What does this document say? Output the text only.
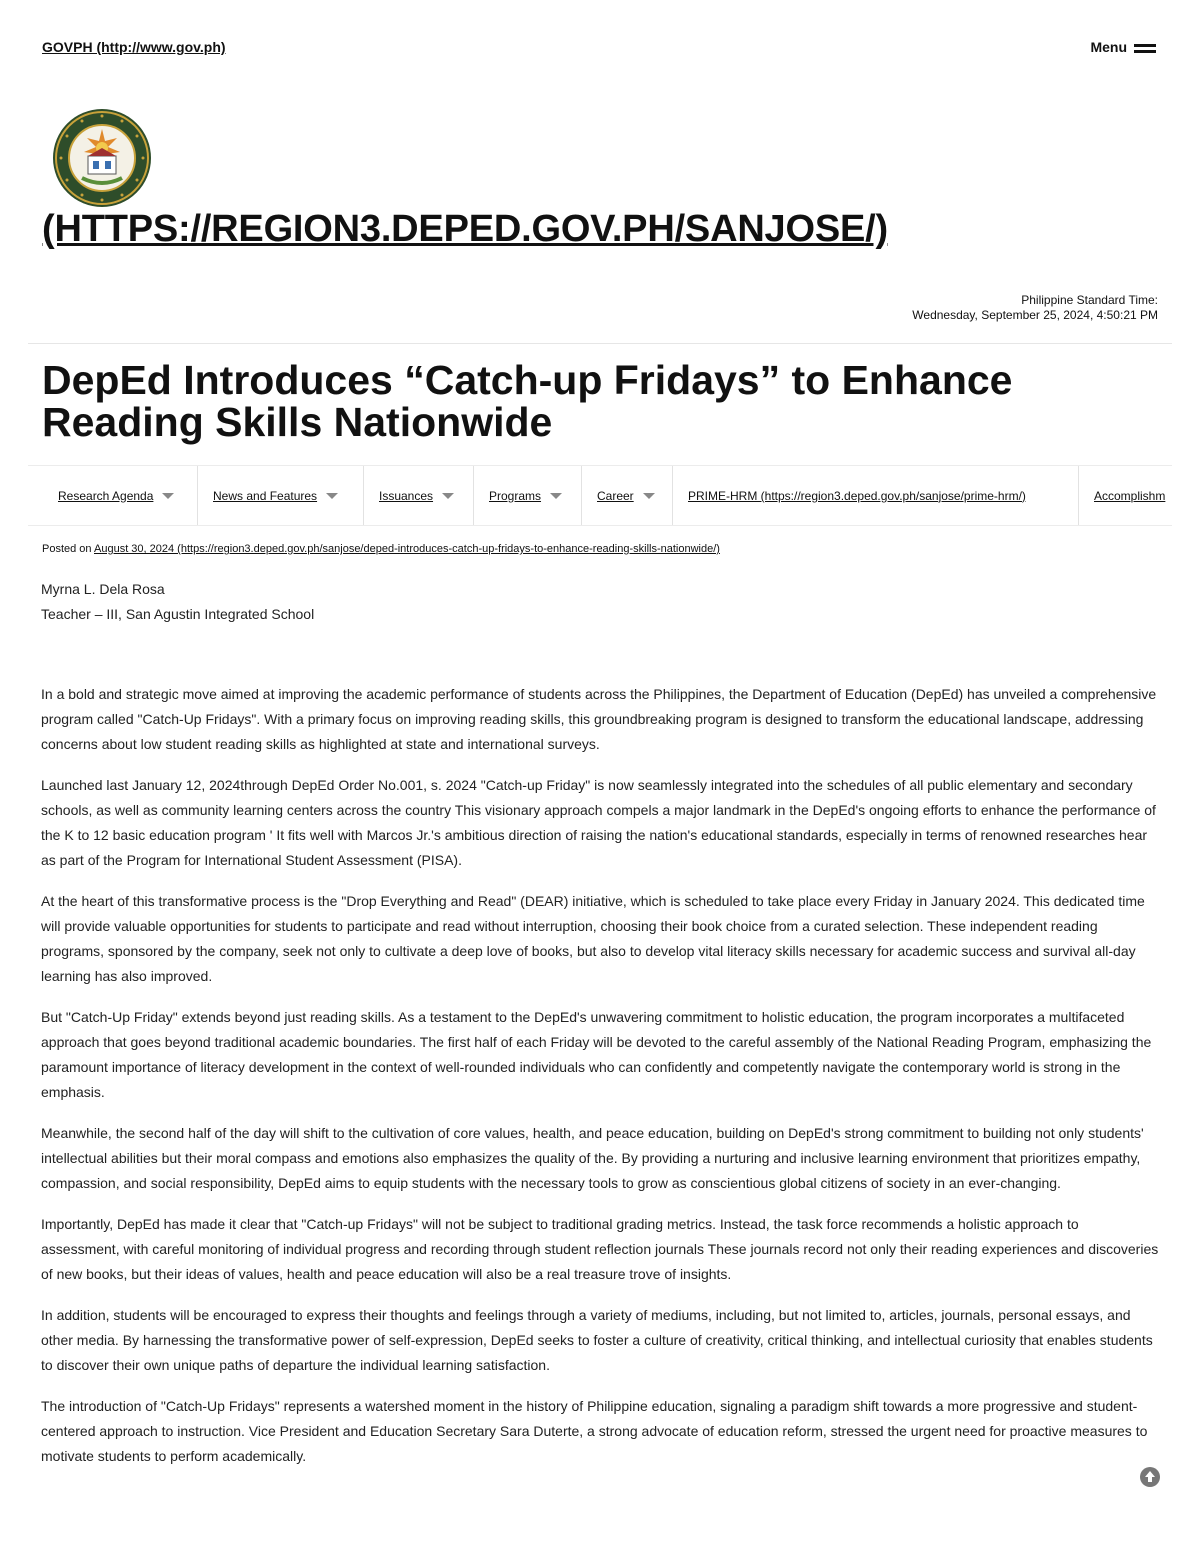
GOVPH (http://www.gov.ph)	Menu
(HTTPS://REGION3.DEPED.GOV.PH/SANJOSE/)
Philippine Standard Time:
Wednesday, September 25, 2024, 4:50:21 PM
DepEd Introduces “Catch-up Fridays” to Enhance Reading Skills Nationwide
Research Agenda	News and Features	Issuances	Programs	Career	PRIME-HRM (https://region3.deped.gov.ph/sanjose/prime-hrm/)	Accomplishm
Posted on August 30, 2024 (https://region3.deped.gov.ph/sanjose/deped-introduces-catch-up-fridays-to-enhance-reading-skills-nationwide/)
Myrna L. Dela Rosa
Teacher – III, San Agustin Integrated School

In a bold and strategic move aimed at improving the academic performance of students across the Philippines, the Department of Education (DepEd) has unveiled a comprehensive program called "Catch-Up Fridays". With a primary focus on improving reading skills, this groundbreaking program is designed to transform the educational landscape, addressing concerns about low student reading skills as highlighted at state and international surveys.

Launched last January 12, 2024through DepEd Order No.001, s. 2024 "Catch-up Friday" is now seamlessly integrated into the schedules of all public elementary and secondary schools, as well as community learning centers across the country This visionary approach compels a major landmark in the DepEd's ongoing efforts to enhance the performance of the K to 12 basic education program ' It fits well with Marcos Jr.'s ambitious direction of raising the nation's educational standards, especially in terms of renowned researches hear as part of the Program for International Student Assessment (PISA).

At the heart of this transformative process is the "Drop Everything and Read" (DEAR) initiative, which is scheduled to take place every Friday in January 2024. This dedicated time will provide valuable opportunities for students to participate and read without interruption, choosing their book choice from a curated selection. These independent reading programs, sponsored by the company, seek not only to cultivate a deep love of books, but also to develop vital literacy skills necessary for academic success and survival all-day learning has also improved.

But "Catch-Up Friday" extends beyond just reading skills. As a testament to the DepEd's unwavering commitment to holistic education, the program incorporates a multifaceted approach that goes beyond traditional academic boundaries. The first half of each Friday will be devoted to the careful assembly of the National Reading Program, emphasizing the paramount importance of literacy development in the context of well-rounded individuals who can confidently and competently navigate the contemporary world is strong in the emphasis.

Meanwhile, the second half of the day will shift to the cultivation of core values, health, and peace education, building on DepEd's strong commitment to building not only students' intellectual abilities but their moral compass and emotions also emphasizes the quality of the. By providing a nurturing and inclusive learning environment that prioritizes empathy, compassion, and social responsibility, DepEd aims to equip students with the necessary tools to grow as conscientious global citizens of society in an ever-changing.

Importantly, DepEd has made it clear that "Catch-up Fridays" will not be subject to traditional grading metrics. Instead, the task force recommends a holistic approach to assessment, with careful monitoring of individual progress and recording through student reflection journals These journals record not only their reading experiences and discoveries of new books, but their ideas of values, health and peace education will also be a real treasure trove of insights.

In addition, students will be encouraged to express their thoughts and feelings through a variety of mediums, including, but not limited to, articles, journals, personal essays, and other media. By harnessing the transformative power of self-expression, DepEd seeks to foster a culture of creativity, critical thinking, and intellectual curiosity that enables students to discover their own unique paths of departure the individual learning satisfaction.

The introduction of "Catch-Up Fridays" represents a watershed moment in the history of Philippine education, signaling a paradigm shift towards a more progressive and student-centered approach to instruction. Vice President and Education Secretary Sara Duterte, a strong advocate of education reform, stressed the urgent need for proactive measures to motivate students to perform academically.
